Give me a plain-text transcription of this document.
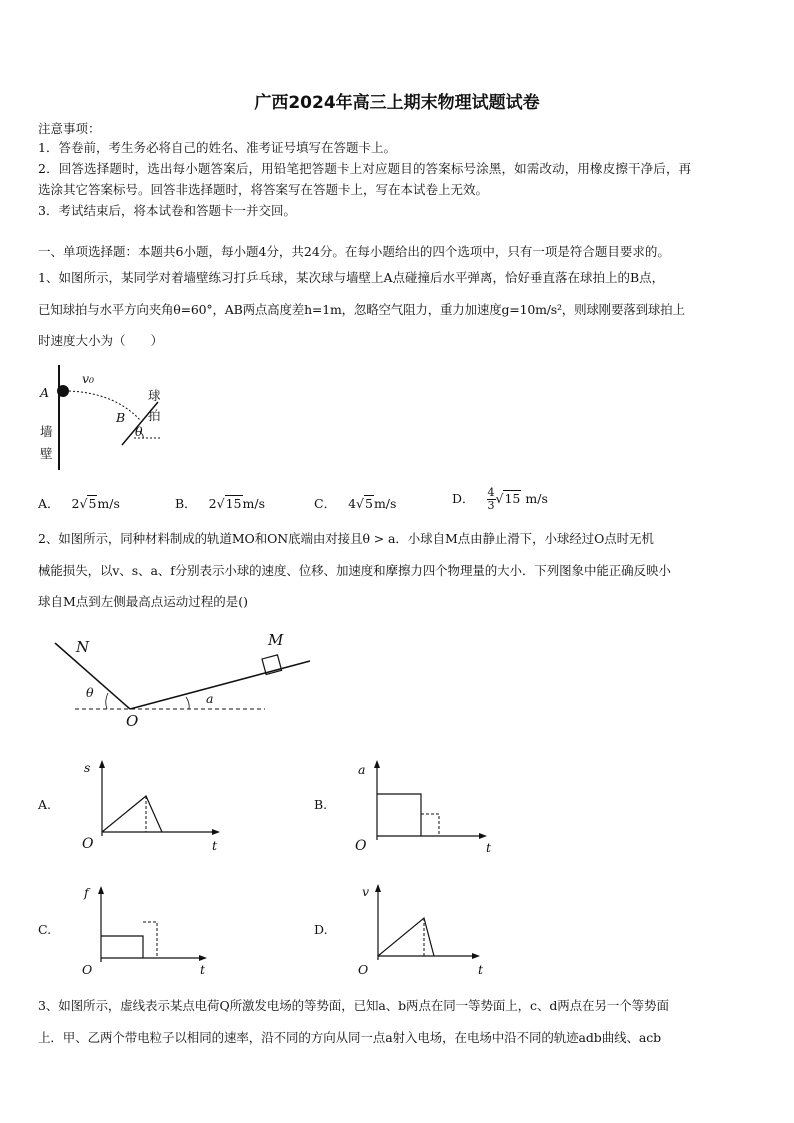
广西2024年高三上期末物理试题试卷
注意事项：
1．答卷前，考生务必将自己的姓名、准考证号填写在答题卡上。
2．回答选择题时，选出每小题答案后，用铅笔把答题卡上对应题目的答案标号涂黑，如需改动，用橡皮擦干净后，再
选涂其它答案标号。回答非选择题时，将答案写在答题卡上，写在本试卷上无效。
3．考试结束后，将本试卷和答题卡一并交回。
一、单项选择题：本题共6小题，每小题4分，共24分。在每小题给出的四个选项中，只有一项是符合题目要求的。
1、如图所示，某同学对着墙壁练习打乒乓球，某次球与墙壁上A点碰撞后水平弹离，恰好垂直落在球拍上的B点，
已知球拍与水平方向夹角θ=60°，AB两点高度差h=1m，忽略空气阻力，重力加速度g=10m/s²，则球刚要落到球拍上
时速度大小为（　　）
A
v₀
B
θ
墙
壁
球
拍
A． 2√5m/s	B． 2√15m/s	C． 4√5m/s	D． $\frac{4}{3} √15$ m/s
2、如图所示，同种材料制成的轨道MO和ON底端由对接且θ > a．小球自M点由静止滑下，小球经过O点时无机
械能损失，以v、s、a、f分别表示小球的速度、位移、加速度和摩擦力四个物理量的大小．下列图象中能正确反映小
球自M点到左侧最高点运动过程的是()
N	M
O
θ	a
A.
s
t
O
B.
a
t
O
C.
f
t
O
D.
v
t
O
3、如图所示，虚线表示某点电荷Q所激发电场的等势面，已知a、b两点在同一等势面上，c、d两点在另一个等势面
上．甲、乙两个带电粒子以相同的速率，沿不同的方向从同一点a射入电场，在电场中沿不同的轨迹adb曲线、acb
